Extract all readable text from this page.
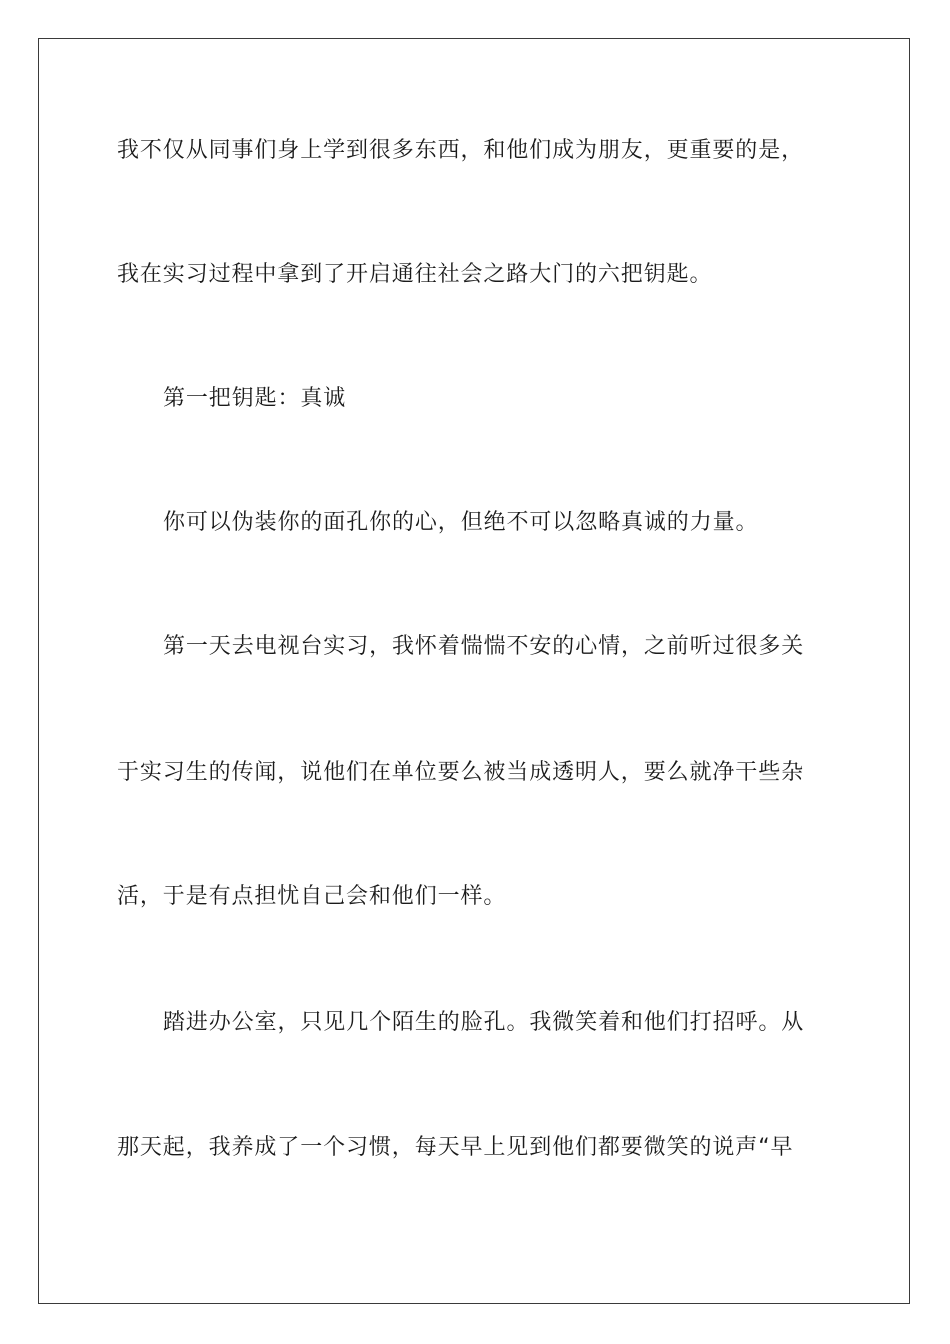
我不仅从同事们身上学到很多东西，和他们成为朋友，更重要的是，
我在实习过程中拿到了开启通往社会之路大门的六把钥匙。
第一把钥匙：真诚
你可以伪装你的面孔你的心，但绝不可以忽略真诚的力量。
第一天去电视台实习，我怀着惴惴不安的心情，之前听过很多关
于实习生的传闻，说他们在单位要么被当成透明人，要么就净干些杂
活，于是有点担忧自己会和他们一样。
踏进办公室，只见几个陌生的脸孔。我微笑着和他们打招呼。从
那天起，我养成了一个习惯，每天早上见到他们都要微笑的说声“早
